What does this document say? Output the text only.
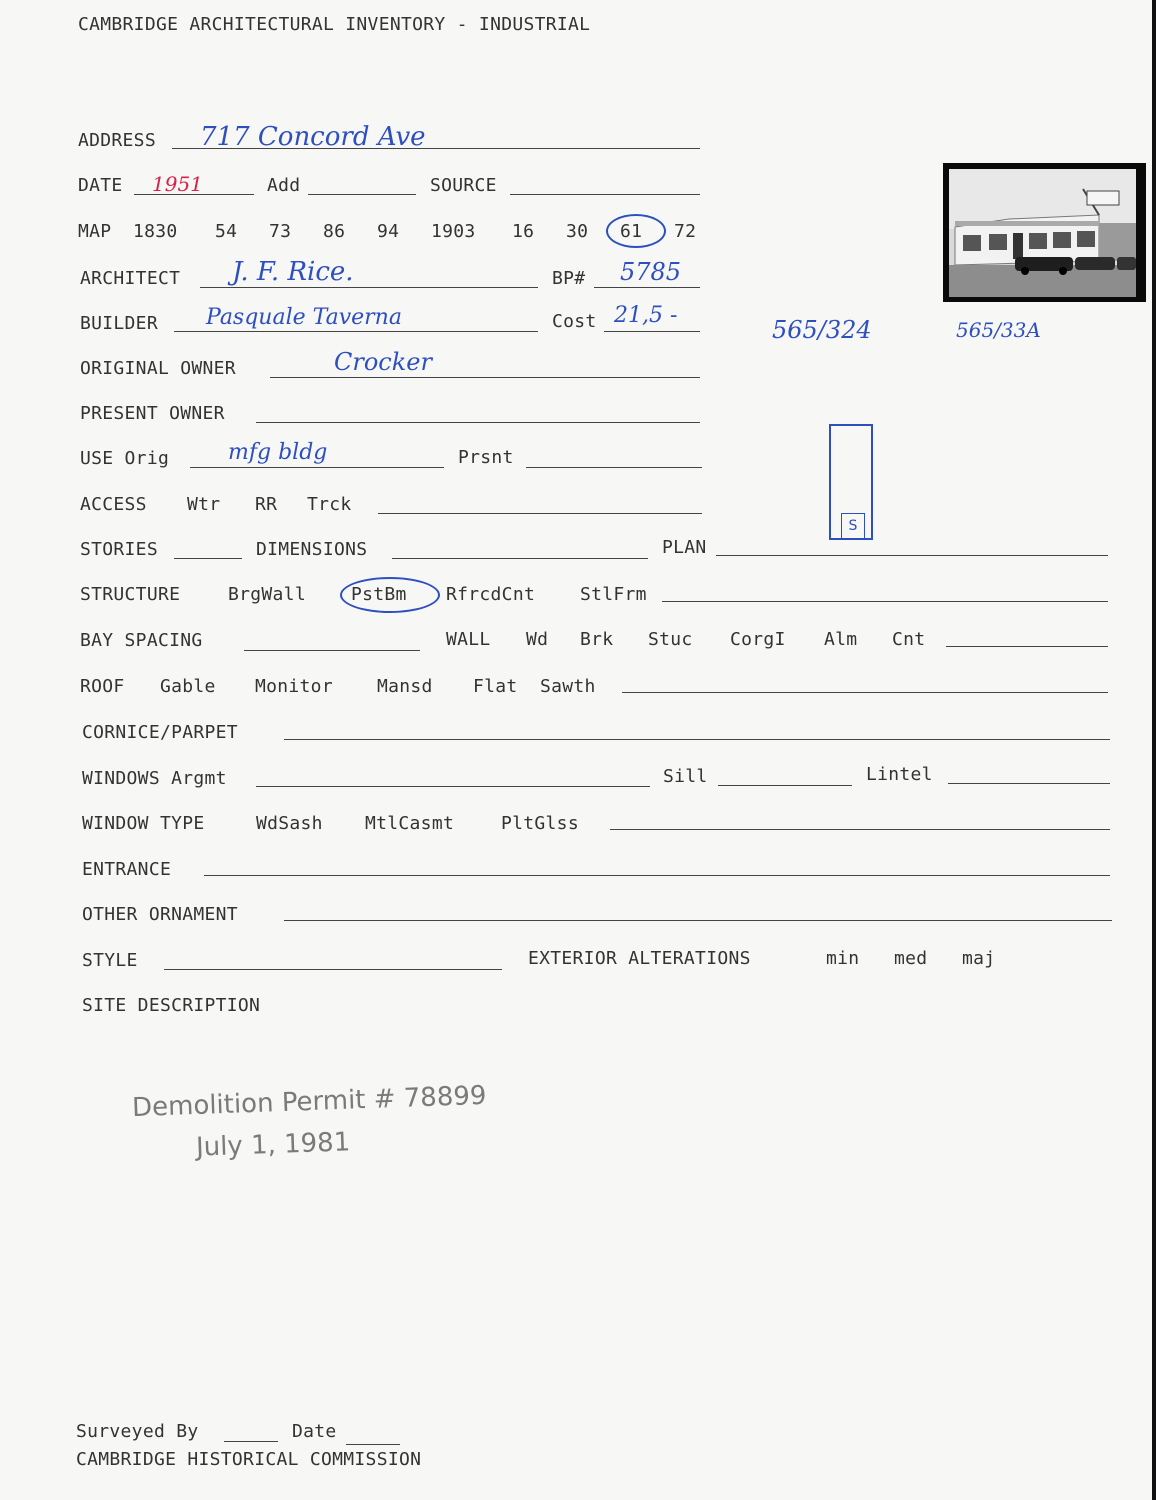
CAMBRIDGE ARCHITECTURAL INVENTORY - INDUSTRIAL
ADDRESS 717 Concord Ave
DATE 1951	Add	SOURCE
MAP 1830 54 73 86 94 1903 16 30 61 72
ARCHITECT J. F. Rice.	BP# 5785
BUILDER Pasquale Taverna	Cost 21,5 -
ORIGINAL OWNER	Crocker
PRESENT OWNER
USE Orig	mfg bldg	Prsnt
ACCESS Wtr RR Trck
STORIES	DIMENSIONS	PLAN
STRUCTURE	BrgWall	PstBm RfrcdCnt StlFrm
BAY SPACING	WALL Wd Brk Stuc CorgI Alm Cnt
ROOF Gable Monitor Mansd Flat Sawth
CORNICE/PARPET
WINDOWS Argmt	Sill	Lintel
WINDOW TYPE	WdSash MtlCasmt	PltGlss
ENTRANCE
OTHER ORNAMENT
STYLE	EXTERIOR ALTERATIONS	min med maj
SITE DESCRIPTION
Demolition Permit # 78899
July 1, 1981
565/324	565/33A
S
Surveyed By	Date
CAMBRIDGE HISTORICAL COMMISSION
